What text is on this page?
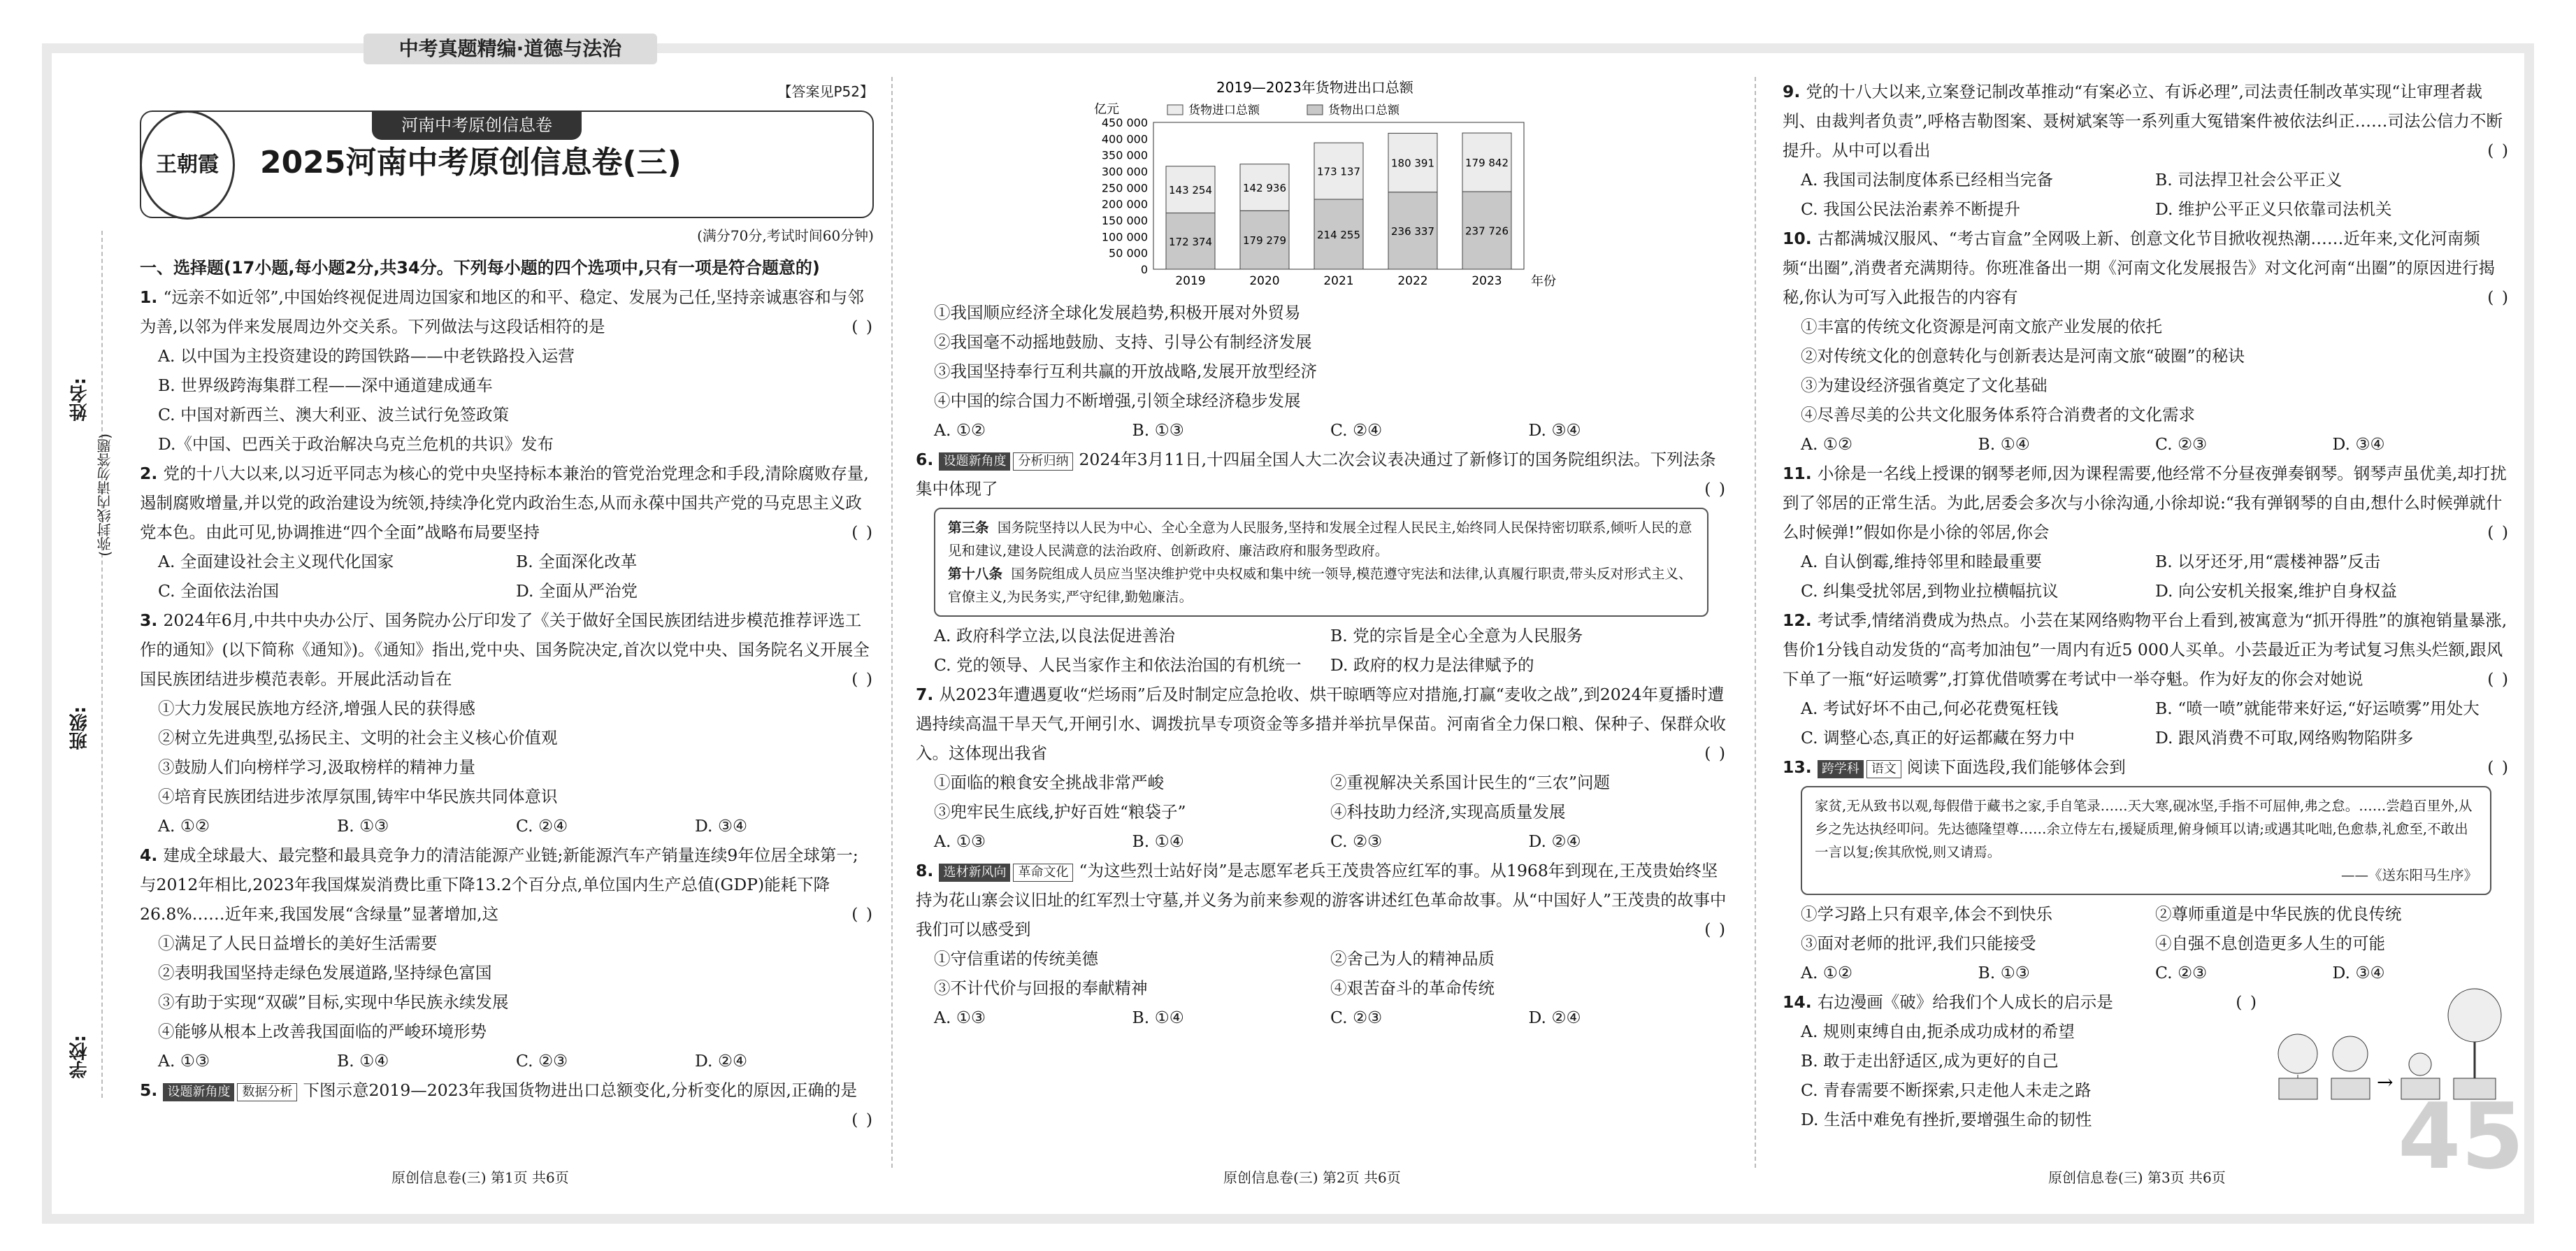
中考真题精编·道德与法治
姓名:
班级:
学校:
(弥封线内请勿答题)
【答案见P52】
王朝霞
河南中考原创信息卷
2025河南中考原创信息卷(三)
(满分70分,考试时间60分钟)
一、选择题(17小题,每小题2分,共34分。下列每小题的四个选项中,只有一项是符合题意的)

1. “远亲不如近邻”,中国始终视促进周边国家和地区的和平、稳定、发展为己任,坚持亲诚惠容和与邻为善,以邻为伴来发展周边外交关系。下列做法与这段话相符的是	( )

A. 以中国为主投资建设的跨国铁路——中老铁路投入运营
B. 世界级跨海集群工程——深中通道建成通车
C. 中国对新西兰、澳大利亚、波兰试行免签政策
D.《中国、巴西关于政治解决乌克兰危机的共识》发布

2. 党的十八大以来,以习近平同志为核心的党中央坚持标本兼治的管党治党理念和手段,清除腐败存量,遏制腐败增量,并以党的政治建设为统领,持续净化党内政治生态,从而永葆中国共产党的马克思主义政党本色。由此可见,协调推进“四个全面”战略布局要坚持	( )

A. 全面建设社会主义现代化国家	B. 全面深化改革
C. 全面依法治国	D. 全面从严治党

3. 2024年6月,中共中央办公厅、国务院办公厅印发了《关于做好全国民族团结进步模范推荐评选工作的通知》(以下简称《通知》)。《通知》指出,党中央、国务院决定,首次以党中央、国务院名义开展全国民族团结进步模范表彰。开展此活动旨在	( )

①大力发展民族地方经济,增强人民的获得感
②树立先进典型,弘扬民主、文明的社会主义核心价值观
③鼓励人们向榜样学习,汲取榜样的精神力量
④培育民族团结进步浓厚氛围,铸牢中华民族共同体意识
A. ①②	B. ①③	C. ②④	D. ③④

4. 建成全球最大、最完整和最具竞争力的清洁能源产业链;新能源汽车产销量连续9年位居全球第一;与2012年相比,2023年我国煤炭消费比重下降13.2个百分点,单位国内生产总值(GDP)能耗下降26.8%……近年来,我国发展“含绿量”显著增加,这	( )

①满足了人民日益增长的美好生活需要
②表明我国坚持走绿色发展道路,坚持绿色富国
③有助于实现“双碳”目标,实现中华民族永续发展
④能够从根本上改善我国面临的严峻环境形势
A. ①③	B. ①④	C. ②③	D. ②④

5. 设题新角度 数据分析 下图示意2019—2023年我国货物进出口总额变化,分析变化的原因,正确的是
( )

2019—2023年货物进出口总额
亿元
年份
货物进口总额	货物出口总额
0
50 000
100 000
150 000
200 000
250 000
300 000
350 000
400 000
450 000
172 374
143 254
2019
179 279
142 936
2020
214 255
173 137
2021
236 337
180 391
2022
237 726
179 842
2023
①我国顺应经济全球化发展趋势,积极开展对外贸易
②我国毫不动摇地鼓励、支持、引导公有制经济发展
③我国坚持奉行互利共赢的开放战略,发展开放型经济
④中国的综合国力不断增强,引领全球经济稳步发展
A. ①②	B. ①③	C. ②④	D. ③④

6. 设题新角度 分析归纳 2024年3月11日,十四届全国人大二次会议表决通过了新修订的国务院组织法。下列法条集中体现了	( )

第三条 国务院坚持以人民为中心、全心全意为人民服务,坚持和发展全过程人民民主,始终同人民保持密切联系,倾听人民的意见和建议,建设人民满意的法治政府、创新政府、廉洁政府和服务型政府。
第十八条 国务院组成人员应当坚决维护党中央权威和集中统一领导,模范遵守宪法和法律,认真履行职责,带头反对形式主义、官僚主义,为民务实,严守纪律,勤勉廉洁。
A. 政府科学立法,以良法促进善治	B. 党的宗旨是全心全意为人民服务
C. 党的领导、人民当家作主和依法治国的有机统一	D. 政府的权力是法律赋予的

7. 从2023年遭遇夏收“烂场雨”后及时制定应急抢收、烘干晾晒等应对措施,打赢“麦收之战”,到2024年夏播时遭遇持续高温干旱天气,开闸引水、调拨抗旱专项资金等多措并举抗旱保苗。河南省全力保口粮、保种子、保群众收入。这体现出我省	( )

①面临的粮食安全挑战非常严峻	②重视解决关系国计民生的“三农”问题
③兜牢民生底线,护好百姓“粮袋子”	④科技助力经济,实现高质量发展
A. ①③	B. ①④	C. ②③	D. ②④

8. 选材新风向 革命文化 “为这些烈士站好岗”是志愿军老兵王茂贵答应红军的事。从1968年到现在,王茂贵始终坚持为花山寨会议旧址的红军烈士守墓,并义务为前来参观的游客讲述红色革命故事。从“中国好人”王茂贵的故事中我们可以感受到	( )

①守信重诺的传统美德	②舍己为人的精神品质
③不计代价与回报的奉献精神	④艰苦奋斗的革命传统
A. ①③	B. ①④	C. ②③	D. ②④

9. 党的十八大以来,立案登记制改革推动“有案必立、有诉必理”,司法责任制改革实现“让审理者裁判、由裁判者负责”,呼格吉勒图案、聂树斌案等一系列重大冤错案件被依法纠正……司法公信力不断提升。从中可以看出	( )

A. 我国司法制度体系已经相当完备	B. 司法捍卫社会公平正义
C. 我国公民法治素养不断提升	D. 维护公平正义只依靠司法机关

10. 古都满城汉服风、“考古盲盒”全网吸上新、创意文化节目掀收视热潮……近年来,文化河南频频“出圈”,消费者充满期待。你班准备出一期《河南文化发展报告》对文化河南“出圈”的原因进行揭秘,你认为可写入此报告的内容有	( )

①丰富的传统文化资源是河南文旅产业发展的依托
②对传统文化的创意转化与创新表达是河南文旅“破圈”的秘诀
③为建设经济强省奠定了文化基础
④尽善尽美的公共文化服务体系符合消费者的文化需求
A. ①②	B. ①④	C. ②③	D. ③④

11. 小徐是一名线上授课的钢琴老师,因为课程需要,他经常不分昼夜弹奏钢琴。钢琴声虽优美,却打扰到了邻居的正常生活。为此,居委会多次与小徐沟通,小徐却说:“我有弹钢琴的自由,想什么时候弹就什么时候弹!”假如你是小徐的邻居,你会	( )

A. 自认倒霉,维持邻里和睦最重要	B. 以牙还牙,用“震楼神器”反击
C. 纠集受扰邻居,到物业拉横幅抗议	D. 向公安机关报案,维护自身权益

12. 考试季,情绪消费成为热点。小芸在某网络购物平台上看到,被寓意为“抓开得胜”的旗袍销量暴涨,售价1分钱自动发货的“高考加油包”一周内有近5 000人买单。小芸最近正为考试复习焦头烂额,跟风下单了一瓶“好运喷雾”,打算优借喷雾在考试中一举夺魁。作为好友的你会对她说	( )

A. 考试好坏不由己,何必花费冤枉钱	B. “喷一喷”就能带来好运,“好运喷雾”用处大
C. 调整心态,真正的好运都藏在努力中	D. 跟风消费不可取,网络购物陷阱多

13. 跨学科 语文 阅读下面选段,我们能够体会到	( )

家贫,无从致书以观,每假借于藏书之家,手自笔录……天大寒,砚冰坚,手指不可屈伸,弗之怠。……尝趋百里外,从乡之先达执经叩问。先达德隆望尊……余立侍左右,援疑质理,俯身倾耳以请;或遇其叱咄,色愈恭,礼愈至,不敢出一言以复;俟其欣悦,则又请焉。
——《送东阳马生序》
①学习路上只有艰辛,体会不到快乐	②尊师重道是中华民族的优良传统
③面对老师的批评,我们只能接受	④自强不息创造更多人生的可能
A. ①②	B. ①③	C. ②③	D. ③④

14. 右边漫画《破》给我们个人成长的启示是	( )

A. 规则束缚自由,扼杀成功成材的希望
B. 敢于走出舒适区,成为更好的自己
C. 青春需要不断探索,只走他人未走之路
D. 生活中难免有挫折,要增强生命的韧性
→
原创信息卷(三) 第1页 共6页	原创信息卷(三) 第2页 共6页	原创信息卷(三) 第3页 共6页 45
